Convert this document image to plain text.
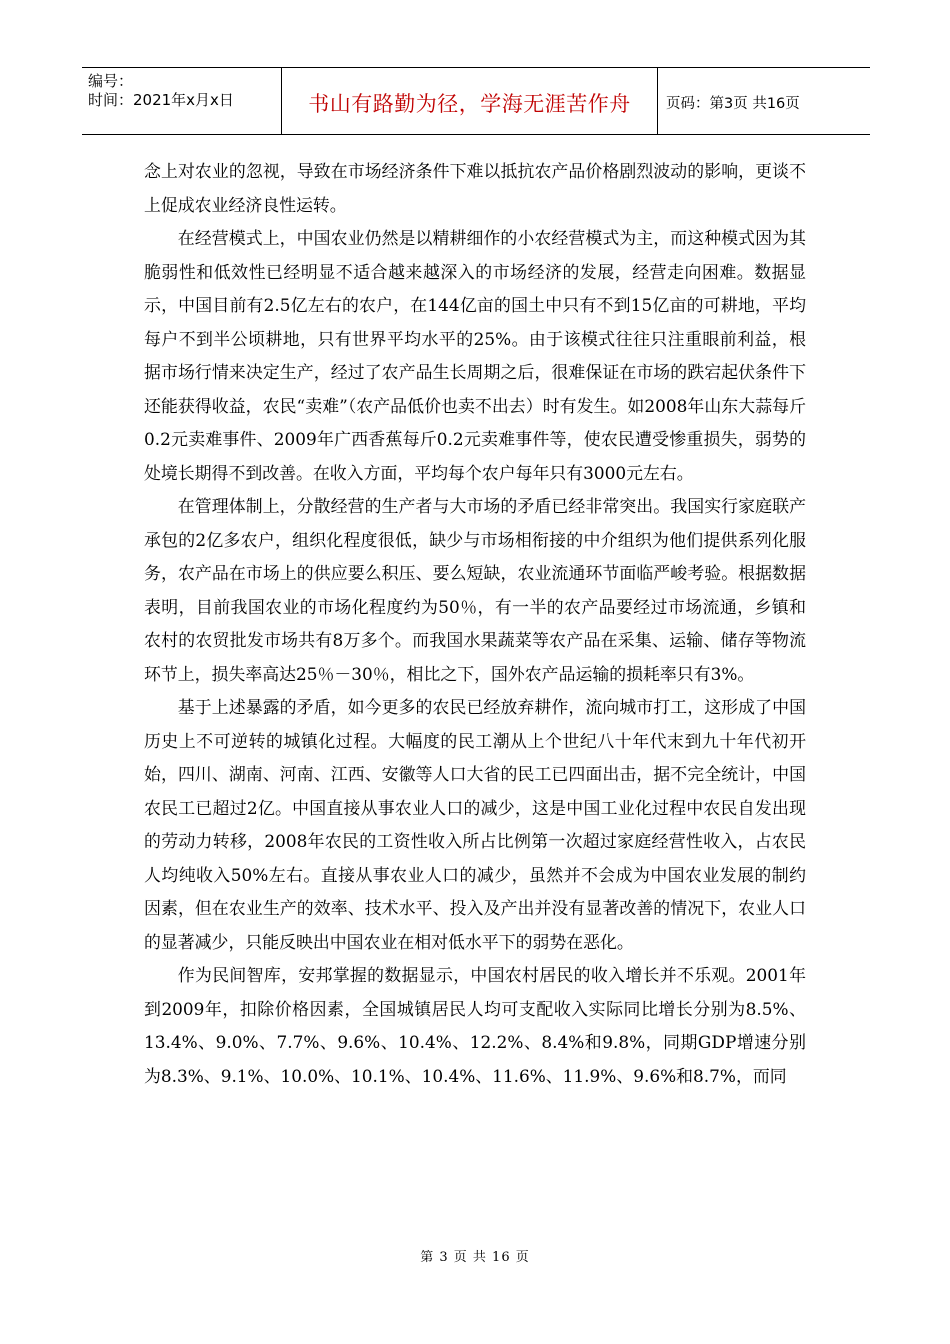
编号：
时间：2021年x月x日	书山有路勤为径，学海无涯苦作舟	页码：第3页 共16页

念上对农业的忽视，导致在市场经济条件下难以抵抗农产品价格剧烈波动的影响，更谈不上促成农业经济良性运转。

在经营模式上，中国农业仍然是以精耕细作的小农经营模式为主，而这种模式因为其脆弱性和低效性已经明显不适合越来越深入的市场经济的发展，经营走向困难。数据显示，中国目前有2.5亿左右的农户，在144亿亩的国土中只有不到15亿亩的可耕地，平均每户不到半公顷耕地，只有世界平均水平的25%。由于该模式往往只注重眼前利益，根据市场行情来决定生产，经过了农产品生长周期之后，很难保证在市场的跌宕起伏条件下还能获得收益，农民“卖难”（农产品低价也卖不出去）时有发生。如2008年山东大蒜每斤0.2元卖难事件、2009年广西香蕉每斤0.2元卖难事件等，使农民遭受惨重损失，弱势的处境长期得不到改善。在收入方面，平均每个农户每年只有3000元左右。

在管理体制上，分散经营的生产者与大市场的矛盾已经非常突出。我国实行家庭联产承包的2亿多农户，组织化程度很低，缺少与市场相衔接的中介组织为他们提供系列化服务，农产品在市场上的供应要么积压、要么短缺，农业流通环节面临严峻考验。根据数据表明，目前我国农业的市场化程度约为50％，有一半的农产品要经过市场流通，乡镇和农村的农贸批发市场共有8万多个。而我国水果蔬菜等农产品在采集、运输、储存等物流环节上，损失率高达25％－30％，相比之下，国外农产品运输的损耗率只有3%。

基于上述暴露的矛盾，如今更多的农民已经放弃耕作，流向城市打工，这形成了中国历史上不可逆转的城镇化过程。大幅度的民工潮从上个世纪八十年代末到九十年代初开始，四川、湖南、河南、江西、安徽等人口大省的民工已四面出击，据不完全统计，中国农民工已超过2亿。中国直接从事农业人口的减少，这是中国工业化过程中农民自发出现的劳动力转移，2008年农民的工资性收入所占比例第一次超过家庭经营性收入，占农民人均纯收入50%左右。直接从事农业人口的减少，虽然并不会成为中国农业发展的制约因素，但在农业生产的效率、技术水平、投入及产出并没有显著改善的情况下，农业人口的显著减少，只能反映出中国农业在相对低水平下的弱势在恶化。

作为民间智库，安邦掌握的数据显示，中国农村居民的收入增长并不乐观。2001年到2009年，扣除价格因素，全国城镇居民人均可支配收入实际同比增长分别为8.5%、13.4%、9.0%、7.7%、9.6%、10.4%、12.2%、8.4%和9.8%，同期GDP增速分别为8.3%、9.1%、10.0%、10.1%、10.4%、11.6%、11.9%、9.6%和8.7%，而同

第 3 页 共 16 页
